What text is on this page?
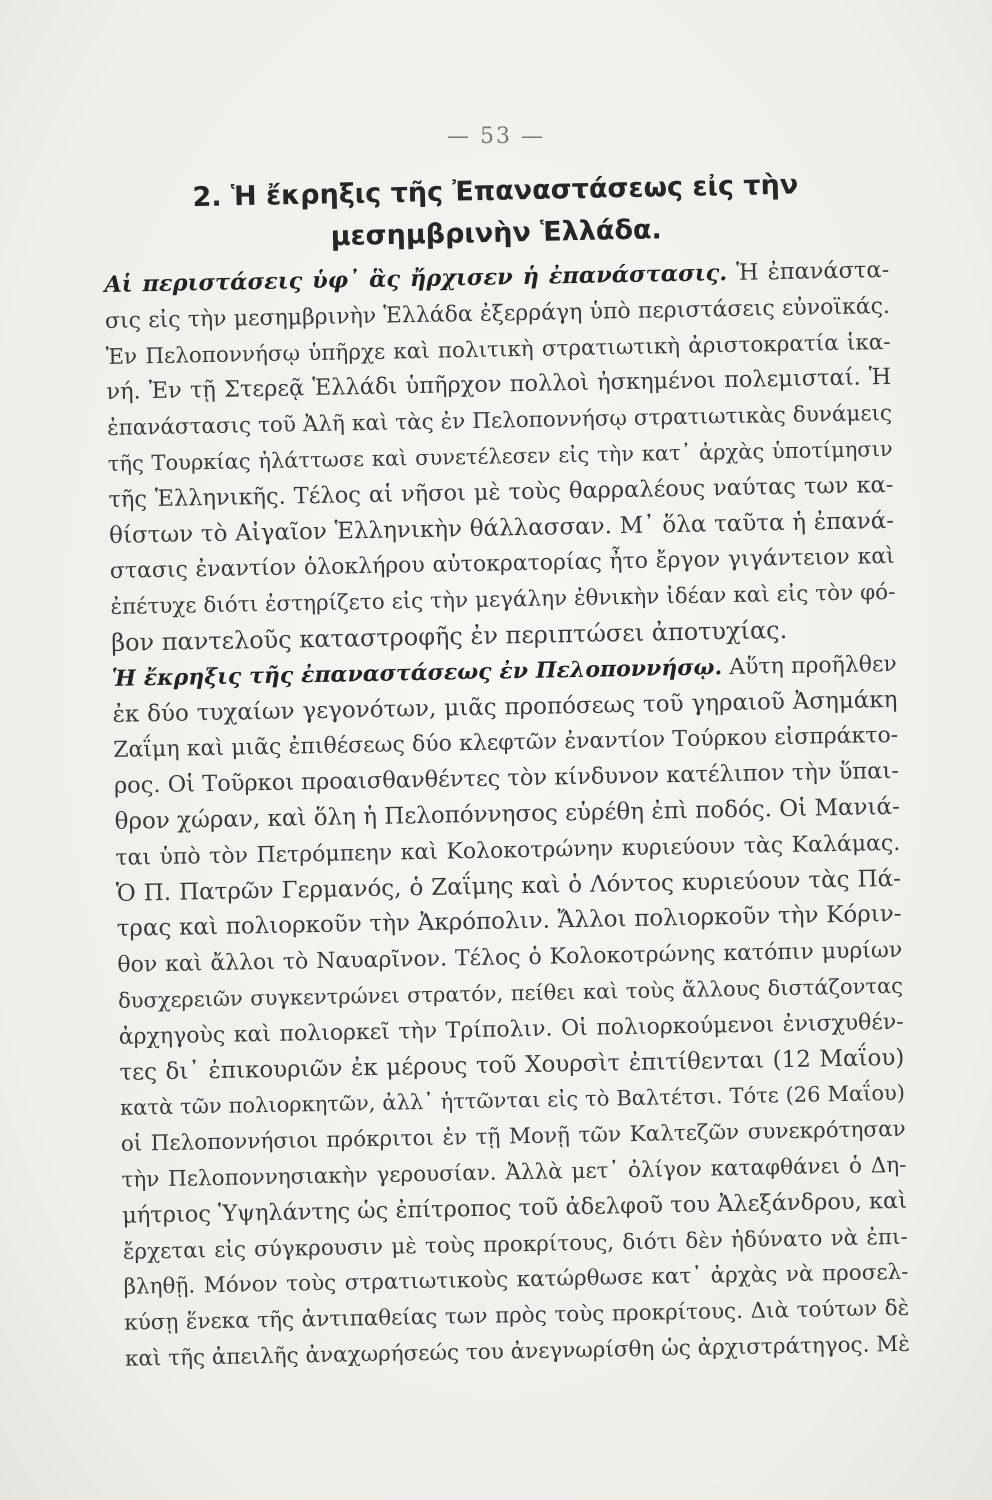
— 53 —
2. Ἡ ἔκρηξις τῆς Ἐπαναστάσεως εἰς τὴν
μεσημβρινὴν Ἑλλάδα.
Αἱ περιστάσεις ὑφ᾽ ἃς ἤρχισεν ἡ ἐπανάστασις. Ἡ ἐπανάστα-
σις εἰς τὴν μεσημβρινὴν Ἑλλάδα ἐξερράγη ὑπὸ περιστάσεις εὐνοϊκάς.
Ἐν Πελοποννήσῳ ὑπῆρχε καὶ πολιτικὴ στρατιωτικὴ ἀριστοκρατία ἱκα-
νή. Ἐν τῇ Στερεᾷ Ἑλλάδι ὑπῆρχον πολλοὶ ἠσκημένοι πολεμισταί. Ἡ
ἐπανάστασις τοῦ Ἀλῆ καὶ τὰς ἐν Πελοποννήσῳ στρατιωτικὰς δυνάμεις
τῆς Τουρκίας ἠλάττωσε καὶ συνετέλεσεν εἰς τὴν κατ᾽ ἀρχὰς ὑποτίμησιν
τῆς Ἑλληνικῆς. Τέλος αἱ νῆσοι μὲ τοὺς θαρραλέους ναύτας των κα-
θίστων τὸ Αἰγαῖον Ἑλληνικὴν θάλλασσαν. Μ᾽ ὅλα ταῦτα ἡ ἐπανά-
στασις ἐναντίον ὁλοκλήρου αὐτοκρατορίας ἦτο ἔργον γιγάντειον καὶ
ἐπέτυχε διότι ἐστηρίζετο εἰς τὴν μεγάλην ἐθνικὴν ἰδέαν καὶ εἰς τὸν φό-
βον παντελοῦς καταστροφῆς ἐν περιπτώσει ἀποτυχίας.
Ἡ ἔκρηξις τῆς ἐπαναστάσεως ἐν Πελοποννήσῳ. Αὕτη προῆλθεν
ἐκ δύο τυχαίων γεγονότων, μιᾶς προπόσεως τοῦ γηραιοῦ Ἀσημάκη
Ζαΐμη καὶ μιᾶς ἐπιθέσεως δύο κλεφτῶν ἐναντίον Τούρκου εἰσπράκτο-
ρος. Οἱ Τοῦρκοι προαισθανθέντες τὸν κίνδυνον κατέλιπον τὴν ὕπαι-
θρον χώραν, καὶ ὅλη ἡ Πελοπόννησος εὑρέθη ἐπὶ ποδός. Οἱ Μανιά-
ται ὑπὸ τὸν Πετρόμπεην καὶ Κολοκοτρώνην κυριεύουν τὰς Καλάμας.
Ὁ Π. Πατρῶν Γερμανός, ὁ Ζαΐμης καὶ ὁ Λόντος κυριεύουν τὰς Πά-
τρας καὶ πολιορκοῦν τὴν Ἀκρόπολιν. Ἄλλοι πολιορκοῦν τὴν Κόριν-
θον καὶ ἄλλοι τὸ Ναυαρῖνον. Τέλος ὁ Κολοκοτρώνης κατόπιν μυρίων
δυσχερειῶν συγκεντρώνει στρατόν, πείθει καὶ τοὺς ἄλλους διστάζοντας
ἀρχηγοὺς καὶ πολιορκεῖ τὴν Τρίπολιν. Οἱ πολιορκούμενοι ἐνισχυθέν-
τες δι᾽ ἐπικουριῶν ἐκ μέρους τοῦ Χουρσὶτ ἐπιτίθενται (12 Μαΐου)
κατὰ τῶν πολιορκητῶν, ἀλλ᾽ ἡττῶνται εἰς τὸ Βαλτέτσι. Τότε (26 Μαΐου)
οἱ Πελοποννήσιοι πρόκριτοι ἐν τῇ Μονῇ τῶν Καλτεζῶν συνεκρότησαν
τὴν Πελοποννησιακὴν γερουσίαν. Ἀλλὰ μετ᾽ ὀλίγον καταφθάνει ὁ Δη-
μήτριος Ὑψηλάντης ὡς ἐπίτροπος τοῦ ἀδελφοῦ του Ἀλεξάνδρου, καὶ
ἔρχεται εἰς σύγκρουσιν μὲ τοὺς προκρίτους, διότι δὲν ἠδύνατο νὰ ἐπι-
βληθῇ. Μόνον τοὺς στρατιωτικοὺς κατώρθωσε κατ᾽ ἀρχὰς νὰ προσελ-
κύσῃ ἕνεκα τῆς ἀντιπαθείας των πρὸς τοὺς προκρίτους. Διὰ τούτων δὲ
καὶ τῆς ἀπειλῆς ἀναχωρήσεώς του ἀνεγνωρίσθη ὡς ἀρχιστράτηγος. Μὲ
